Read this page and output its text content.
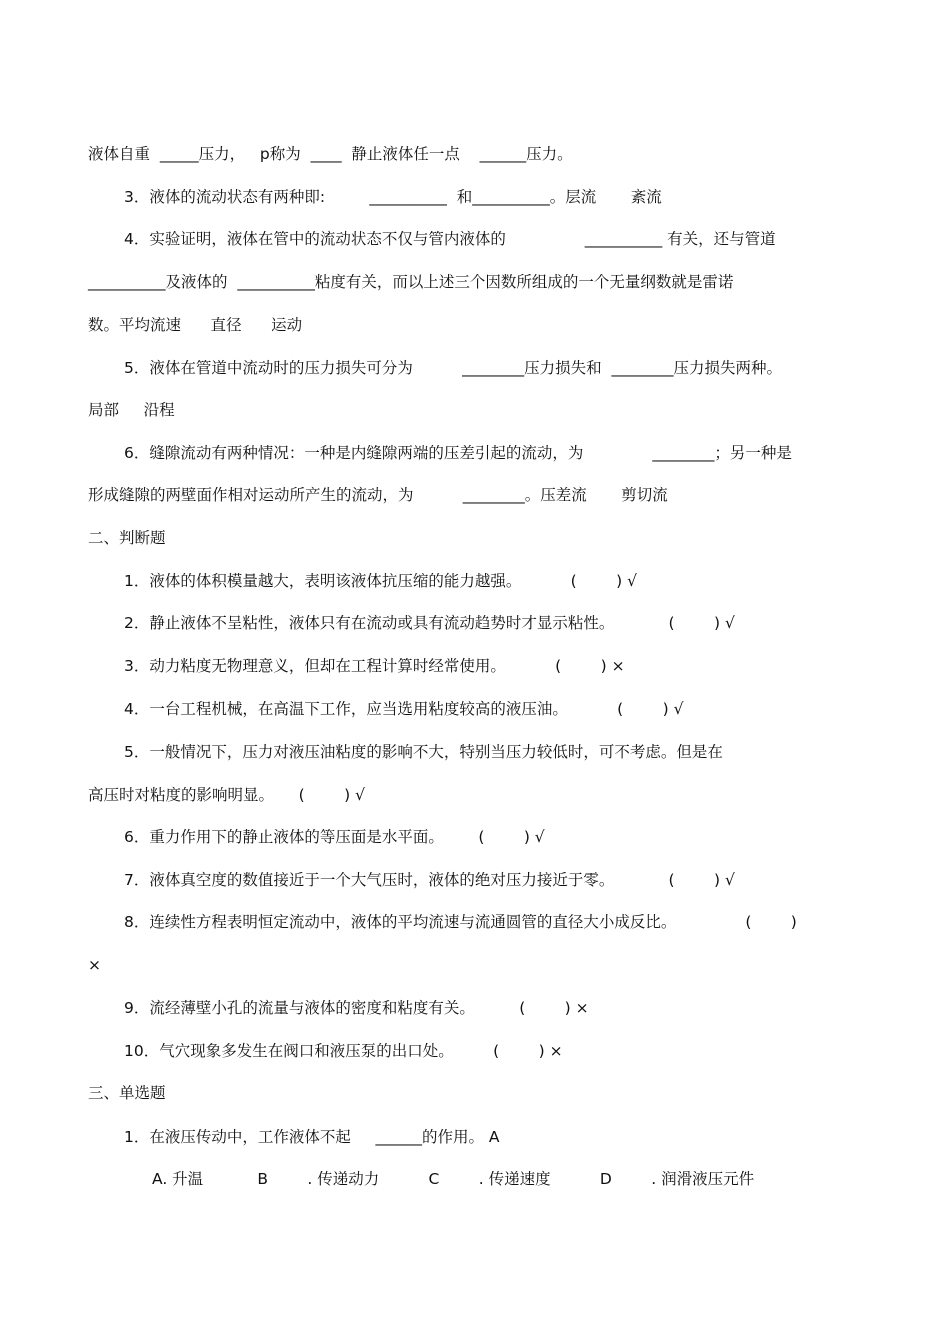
液体自重  _____压力，   p称为  ____  静止液体任一点    ______压力。
3．液体的流动状态有两种即:         __________  和__________。层流       紊流
4．实验证明，液体在管中的流动状态不仅与管内液体的                __________ 有关，还与管道
__________及液体的  __________粘度有关，而以上述三个因数所组成的一个无量纲数就是雷诺
数。平均流速      直径      运动
5．液体在管道中流动时的压力损失可分为          ________压力损失和  ________压力损失两种。
局部     沿程
6．缝隙流动有两种情况：一种是内缝隙两端的压差引起的流动，为              ________；另一种是
形成缝隙的两壁面作相对运动所产生的流动，为          ________。压差流       剪切流
二、判断题
1．液体的体积模量越大，表明该液体抗压缩的能力越强。          (        ) √
2．静止液体不呈粘性，液体只有在流动或具有流动趋势时才显示粘性。           (        ) √
3．动力粘度无物理意义，但却在工程计算时经常使用。          (        ) ×
4．一台工程机械，在高温下工作，应当选用粘度较高的液压油。          (        ) √
5．一般情况下，压力对液压油粘度的影响不大，特别当压力较低时，可不考虑。但是在
高压时对粘度的影响明显。     (        ) √
6．重力作用下的静止液体的等压面是水平面。       (        ) √
7．液体真空度的数值接近于一个大气压时，液体的绝对压力接近于零。           (        ) √
8．连续性方程表明恒定流动中，液体的平均流速与流通圆管的直径大小成反比。              (        )
×
9．流经薄壁小孔的流量与液体的密度和粘度有关。         (        ) ×
10．气穴现象多发生在阀口和液压泵的出口处。        (        ) ×
三、单选题
1．在液压传动中，工作液体不起     ______的作用。 A
A. 升温           B        . 传递动力          C        . 传递速度          D        . 润滑液压元件
